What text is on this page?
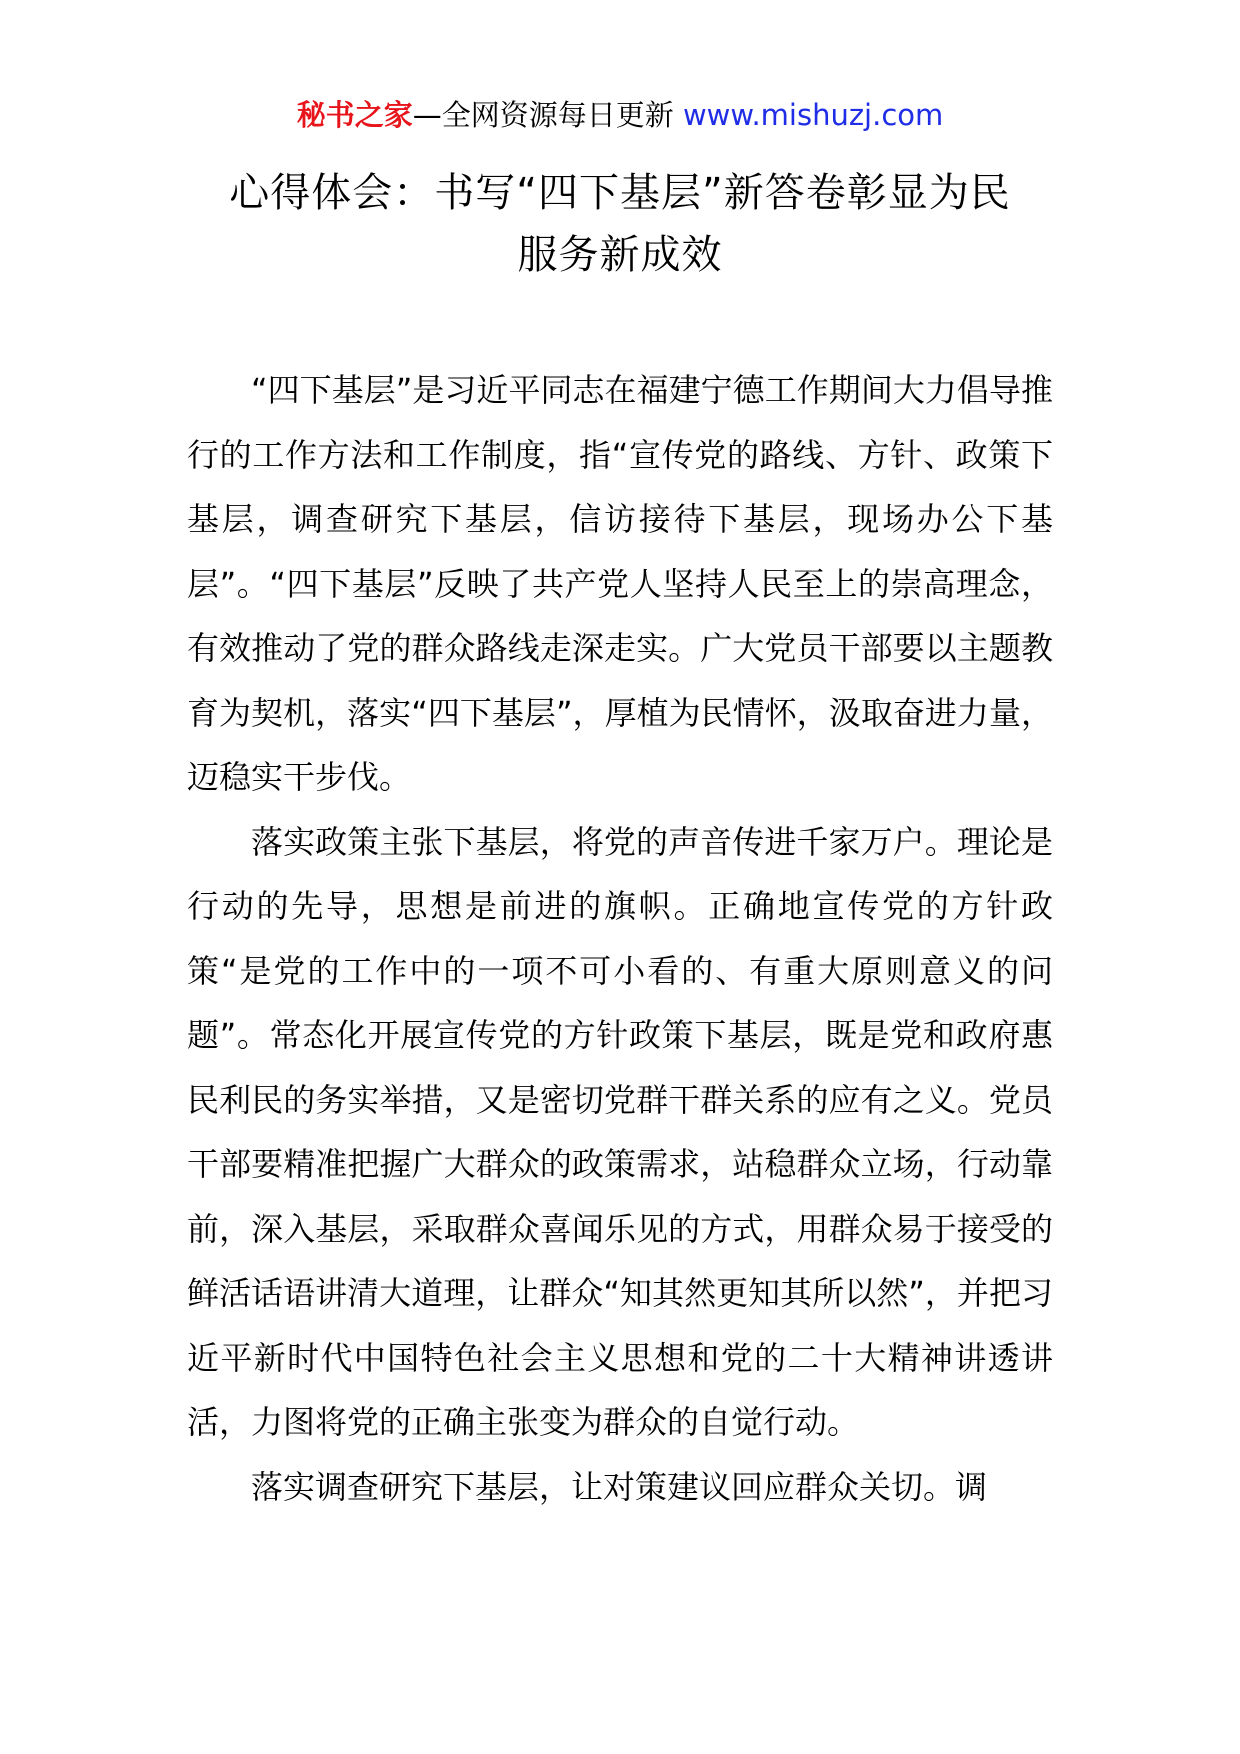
秘书之家—全网资源每日更新 www.mishuzj.com
心得体会：书写“四下基层”新答卷彰显为民
服务新成效

“四下基层”是习近平同志在福建宁德工作期间大力倡导推行的工作方法和工作制度，指“宣传党的路线、方针、政策下基层，调查研究下基层，信访接待下基层，现场办公下基层”。“四下基层”反映了共产党人坚持人民至上的崇高理念，有效推动了党的群众路线走深走实。广大党员干部要以主题教育为契机，落实“四下基层”，厚植为民情怀，汲取奋进力量，迈稳实干步伐。

落实政策主张下基层，将党的声音传进千家万户。理论是行动的先导，思想是前进的旗帜。正确地宣传党的方针政策“是党的工作中的一项不可小看的、有重大原则意义的问题”。常态化开展宣传党的方针政策下基层，既是党和政府惠民利民的务实举措，又是密切党群干群关系的应有之义。党员干部要精准把握广大群众的政策需求，站稳群众立场，行动靠前，深入基层，采取群众喜闻乐见的方式，用群众易于接受的鲜活话语讲清大道理，让群众“知其然更知其所以然”，并把习近平新时代中国特色社会主义思想和党的二十大精神讲透讲活，力图将党的正确主张变为群众的自觉行动。

落实调查研究下基层，让对策建议回应群众关切。调
